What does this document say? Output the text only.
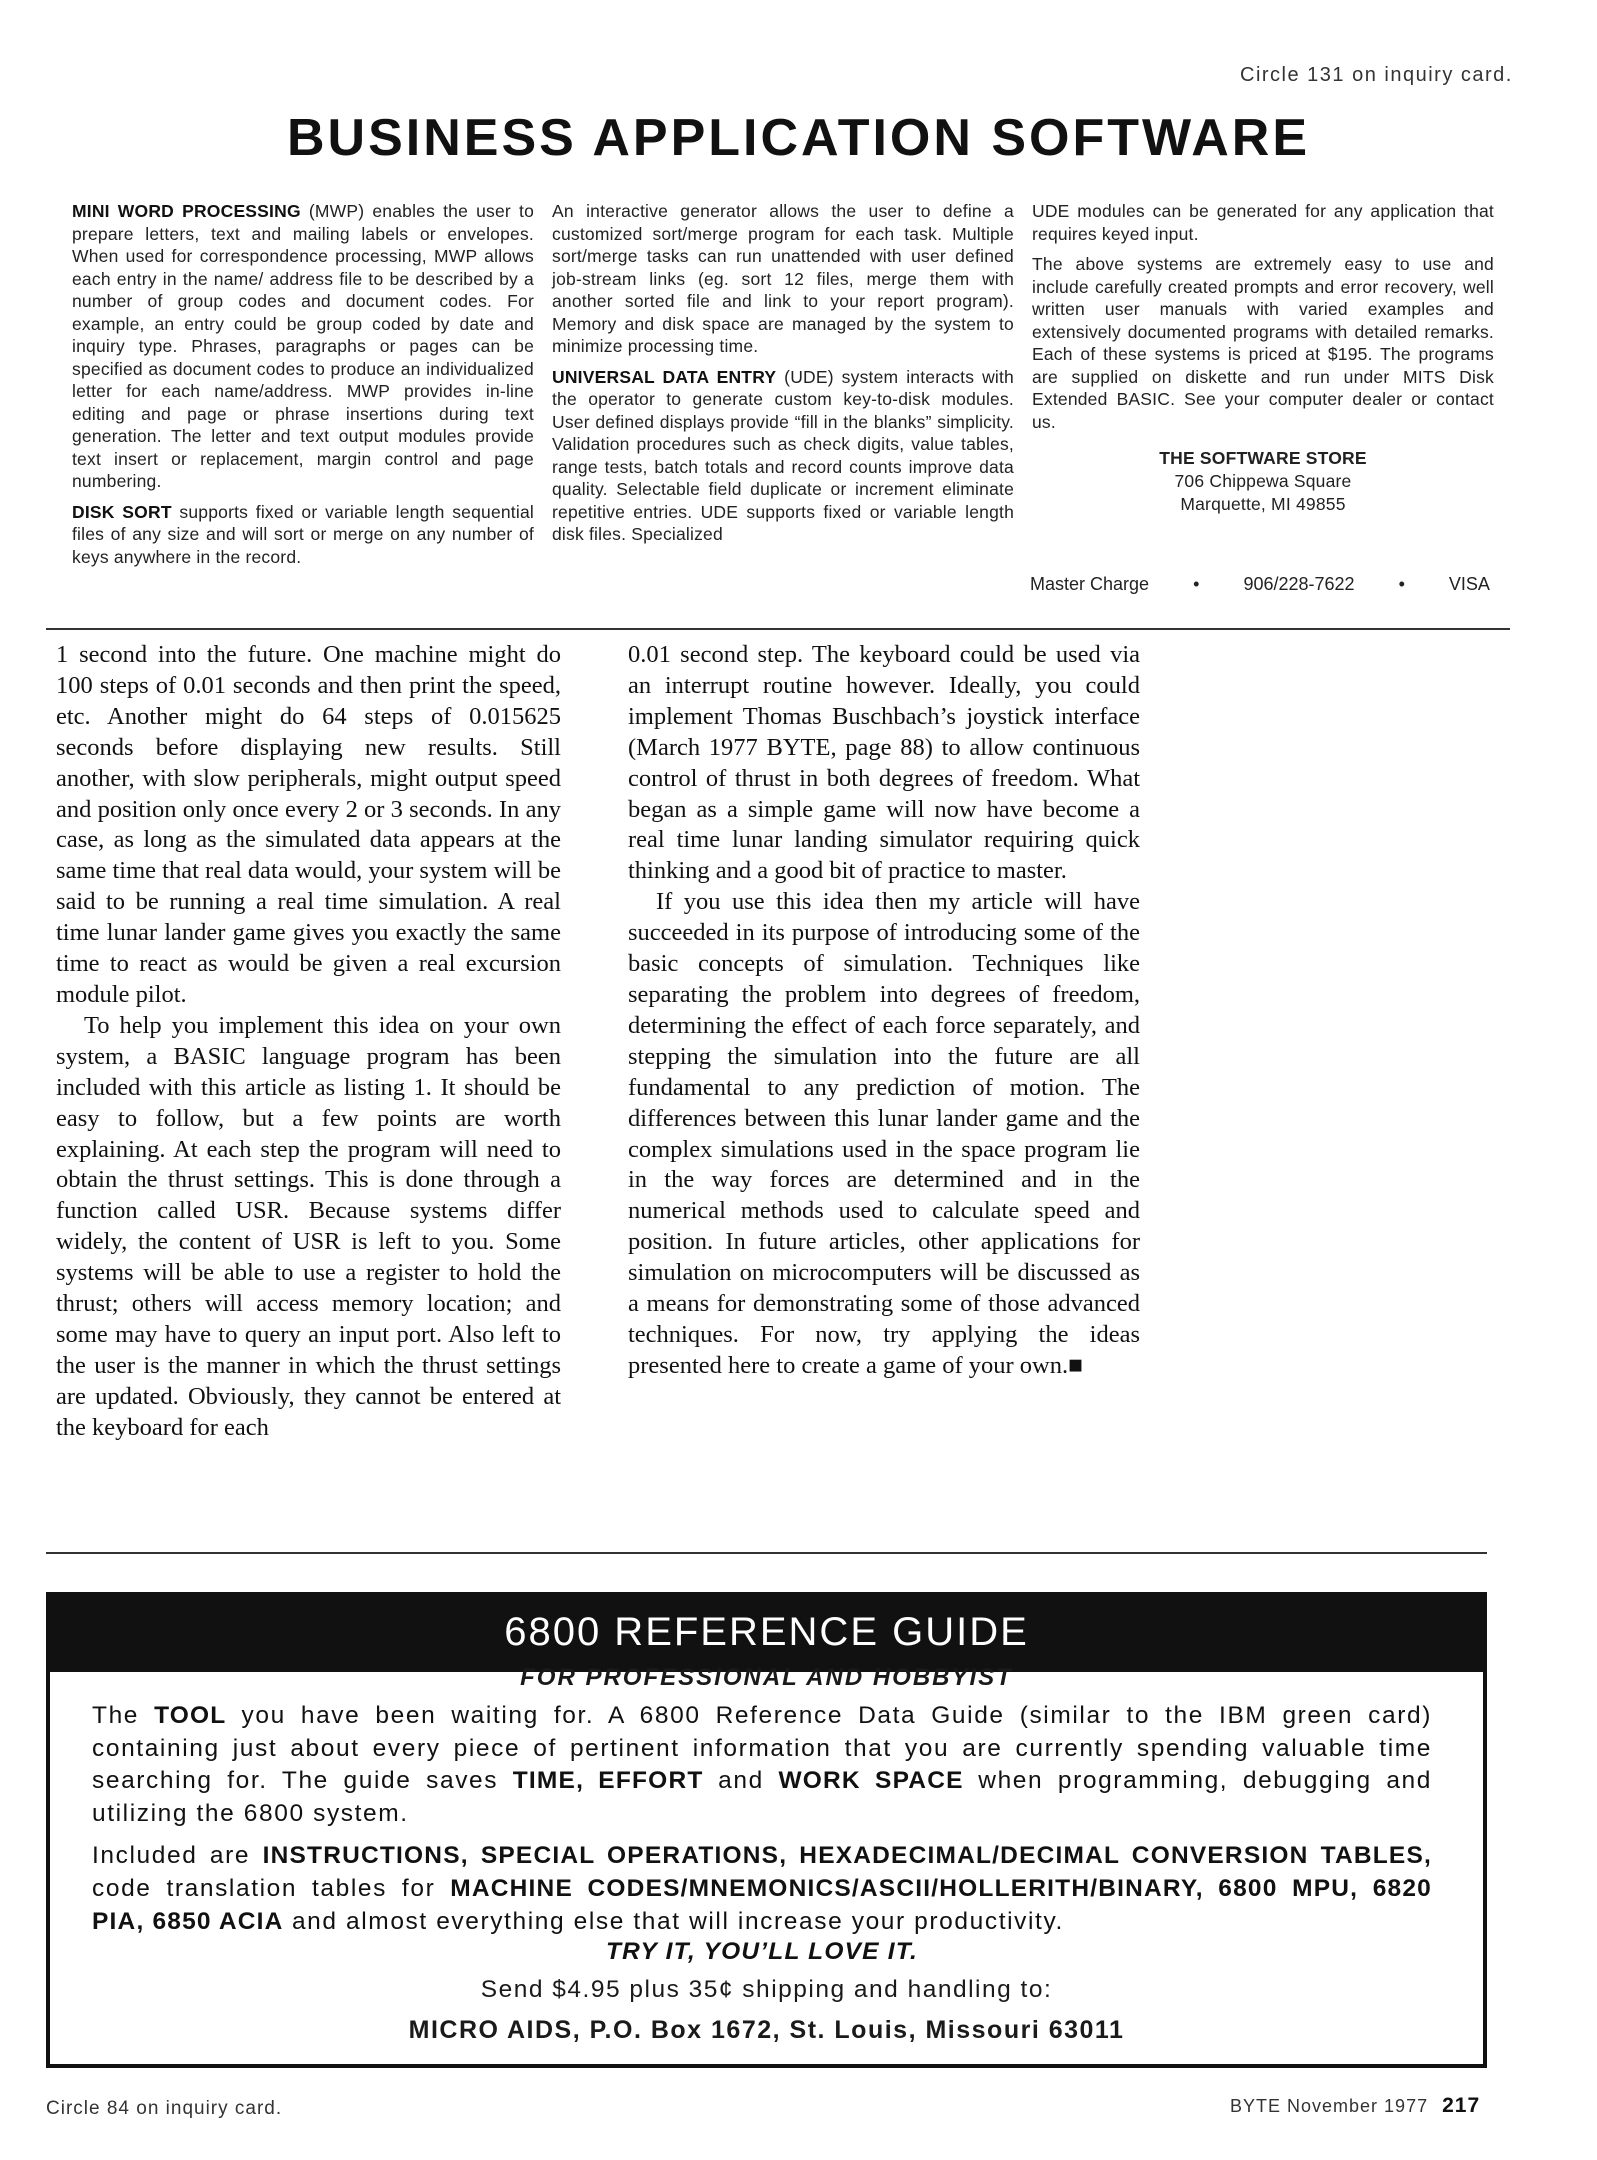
Circle 131 on inquiry card.
BUSINESS APPLICATION SOFTWARE

MINI WORD PROCESSING (MWP) enables the user to prepare letters, text and mailing labels or envelopes. When used for correspondence processing, MWP allows each entry in the name/ address file to be described by a number of group codes and document codes. For example, an entry could be group coded by date and inquiry type. Phrases, paragraphs or pages can be specified as document codes to produce an individualized letter for each name/address. MWP provides in-line editing and page or phrase insertions during text generation. The letter and text output modules provide text insert or replacement, margin control and page numbering.

DISK SORT supports fixed or variable length sequential files of any size and will sort or merge on any number of keys anywhere in the record.

An interactive generator allows the user to define a customized sort/merge program for each task. Multiple sort/merge tasks can run unattended with user defined job-stream links (eg. sort 12 files, merge them with another sorted file and link to your report program). Memory and disk space are managed by the system to minimize processing time.

UNIVERSAL DATA ENTRY (UDE) system interacts with the operator to generate custom key-to-disk modules. User defined displays provide “fill in the blanks” simplicity. Validation procedures such as check digits, value tables, range tests, batch totals and record counts improve data quality. Selectable field duplicate or increment eliminate repetitive entries. UDE supports fixed or variable length disk files. Specialized

UDE modules can be generated for any application that requires keyed input.

The above systems are extremely easy to use and include carefully created prompts and error recovery, well written user manuals with varied examples and extensively documented programs with detailed remarks. Each of these systems is priced at $195. The programs are supplied on diskette and run under MITS Disk Extended BASIC. See your computer dealer or contact us.

THE SOFTWARE STORE
706 Chippewa Square
Marquette, MI 49855
Master Charge • 906/228-7622 • VISA

1 second into the future. One machine might do 100 steps of 0.01 seconds and then print the speed, etc. Another might do 64 steps of 0.015625 seconds before displaying new results. Still another, with slow peripherals, might output speed and position only once every 2 or 3 seconds. In any case, as long as the simulated data appears at the same time that real data would, your system will be said to be running a real time simulation. A real time lunar lander game gives you exactly the same time to react as would be given a real excursion module pilot.

To help you implement this idea on your own system, a BASIC language program has been included with this article as listing 1. It should be easy to follow, but a few points are worth explaining. At each step the program will need to obtain the thrust settings. This is done through a function called USR. Because systems differ widely, the content of USR is left to you. Some systems will be able to use a register to hold the thrust; others will access memory location; and some may have to query an input port. Also left to the user is the manner in which the thrust settings are updated. Obviously, they cannot be entered at the keyboard for each

0.01 second step. The keyboard could be used via an interrupt routine however. Ideally, you could implement Thomas Buschbach’s joystick interface (March 1977 BYTE, page 88) to allow continuous control of thrust in both degrees of freedom. What began as a simple game will now have become a real time lunar landing simulator requiring quick thinking and a good bit of practice to master.

If you use this idea then my article will have succeeded in its purpose of introducing some of the basic concepts of simulation. Techniques like separating the problem into degrees of freedom, determining the effect of each force separately, and stepping the simulation into the future are all fundamental to any prediction of motion. The differences between this lunar lander game and the complex simulations used in the space program lie in the way forces are determined and in the numerical methods used to calculate speed and position. In future articles, other applications for simulation on microcomputers will be discussed as a means for demonstrating some of those advanced techniques. For now, try applying the ideas presented here to create a game of your own.■

6800 REFERENCE GUIDE
FOR PROFESSIONAL AND HOBBYIST

The TOOL you have been waiting for. A 6800 Reference Data Guide (similar to the IBM green card) containing just about every piece of pertinent information that you are currently spending valuable time searching for. The guide saves TIME, EFFORT and WORK SPACE when programming, debugging and utilizing the 6800 system.

Included are INSTRUCTIONS, SPECIAL OPERATIONS, HEXADECIMAL/DECIMAL CONVERSION TABLES, code translation tables for MACHINE CODES/MNEMONICS/ASCII/HOLLERITH/BINARY, 6800 MPU, 6820 PIA, 6850 ACIA and almost everything else that will increase your productivity.

TRY IT, YOU’LL LOVE IT.

Send $4.95 plus 35¢ shipping and handling to:
MICRO AIDS, P.O. Box 1672, St. Louis, Missouri 63011
Circle 84 on inquiry card.	BYTE November 1977 217
